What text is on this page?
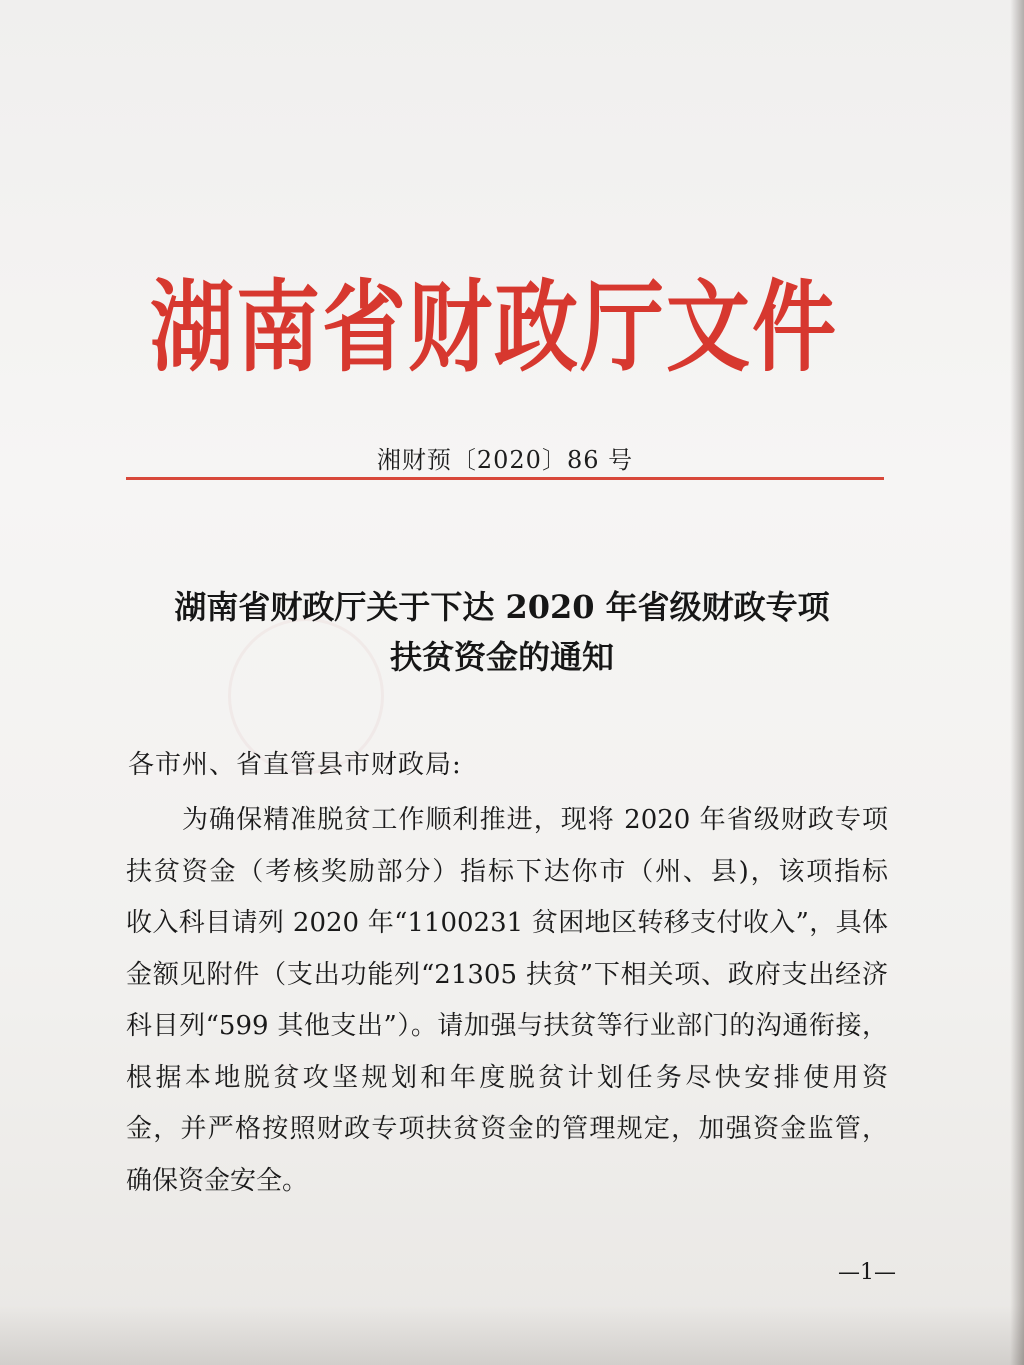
湖南省财政厅文件
湘财预〔2020〕86 号
湖南省财政厅关于下达 2020 年省级财政专项
扶贫资金的通知
各市州、省直管县市财政局:
为确保精准脱贫工作顺利推进，现将 2020 年省级财政专项
扶贫资金（考核奖励部分）指标下达你市（州、县)，该项指标
收入科目请列 2020 年“1100231 贫困地区转移支付收入”，具体
金额见附件（支出功能列“21305 扶贫”下相关项、政府支出经济
科目列“599 其他支出”）。请加强与扶贫等行业部门的沟通衔接，
根据本地脱贫攻坚规划和年度脱贫计划任务尽快安排使用资
金，并严格按照财政专项扶贫资金的管理规定，加强资金监管，
确保资金安全。
—1—
